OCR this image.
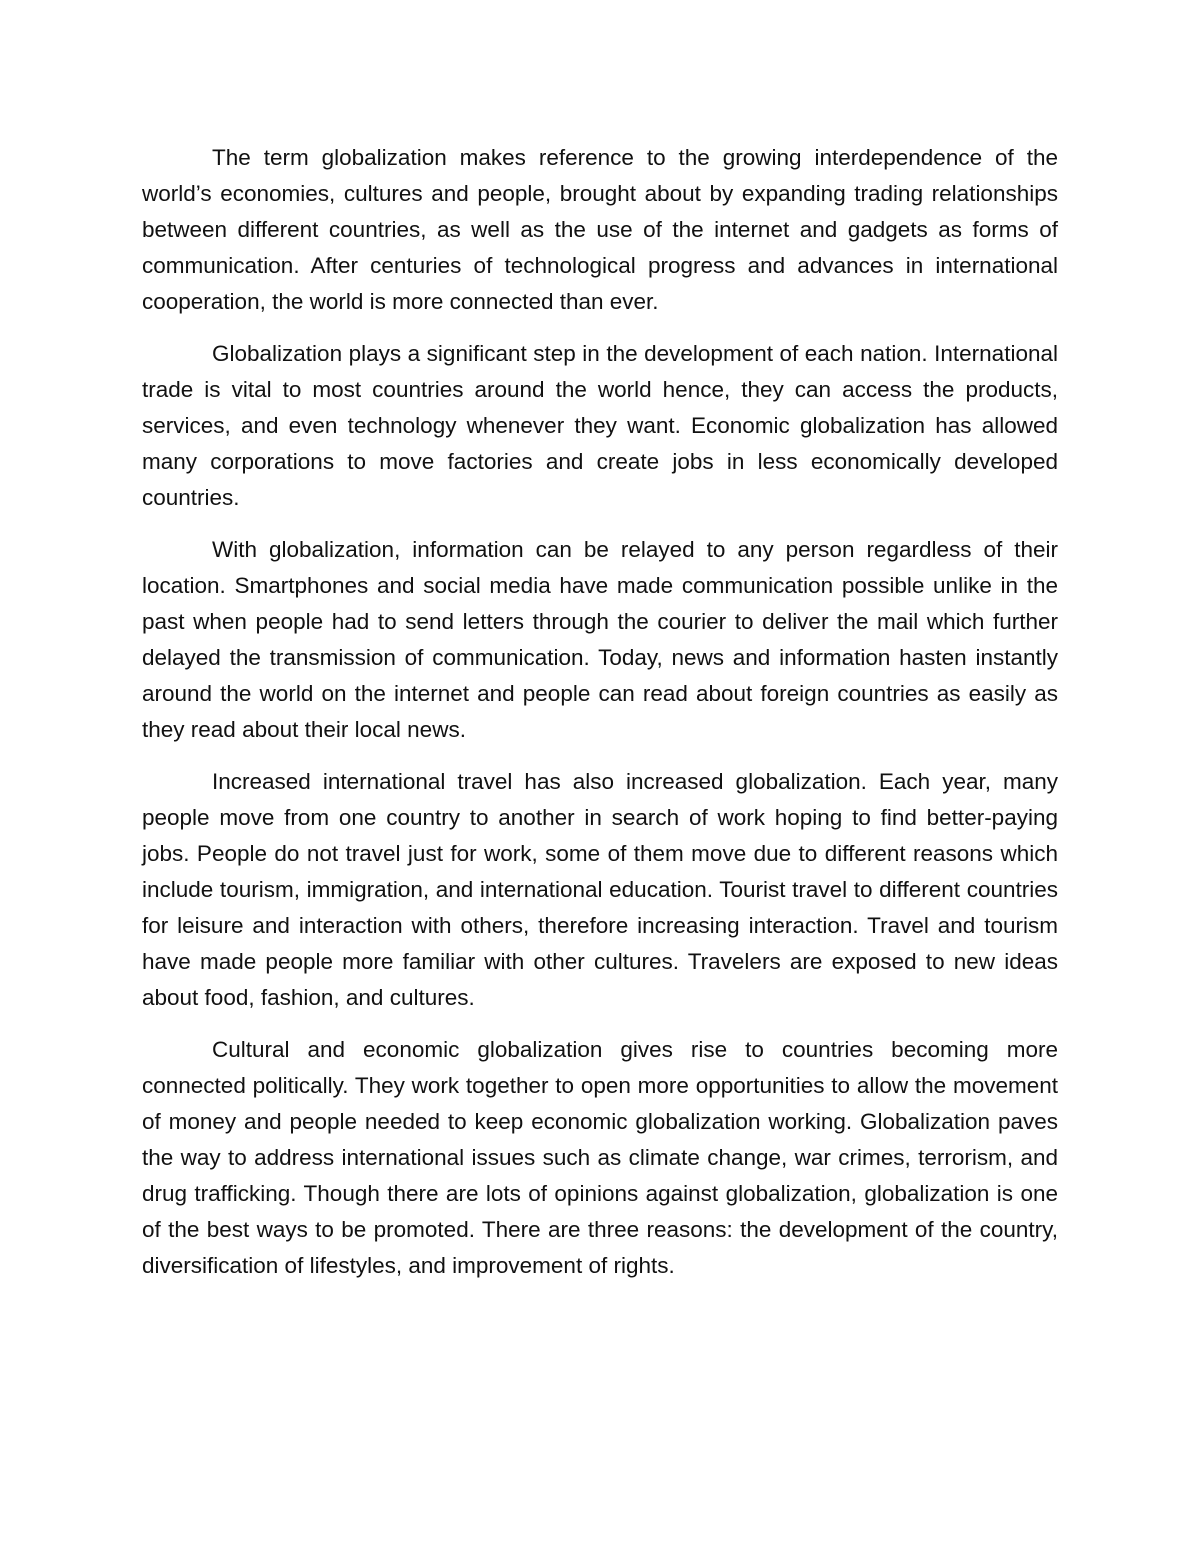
The term globalization makes reference to the growing interdependence of the world’s economies, cultures and people, brought about by expanding trading relationships between different countries, as well as the use of the internet and gadgets as forms of communication. After centuries of technological progress and advances in international cooperation, the world is more connected than ever.

Globalization plays a significant step in the development of each nation. International trade is vital to most countries around the world hence, they can access the products, services, and even technology whenever they want. Economic globalization has allowed many corporations to move factories and create jobs in less economically developed countries.

With globalization, information can be relayed to any person regardless of their location. Smartphones and social media have made communication possible unlike in the past when people had to send letters through the courier to deliver the mail which further delayed the transmission of communication. Today, news and information hasten instantly around the world on the internet and people can read about foreign countries as easily as they read about their local news.

Increased international travel has also increased globalization. Each year, many people move from one country to another in search of work hoping to find better-paying jobs. People do not travel just for work, some of them move due to different reasons which include tourism, immigration, and international education. Tourist travel to different countries for leisure and interaction with others, therefore increasing interaction. Travel and tourism have made people more familiar with other cultures. Travelers are exposed to new ideas about food, fashion, and cultures.

Cultural and economic globalization gives rise to countries becoming more connected politically. They work together to open more opportunities to allow the movement of money and people needed to keep economic globalization working. Globalization paves the way to address international issues such as climate change, war crimes, terrorism, and drug trafficking. Though there are lots of opinions against globalization, globalization is one of the best ways to be promoted. There are three reasons: the development of the country, diversification of lifestyles, and improvement of rights.
